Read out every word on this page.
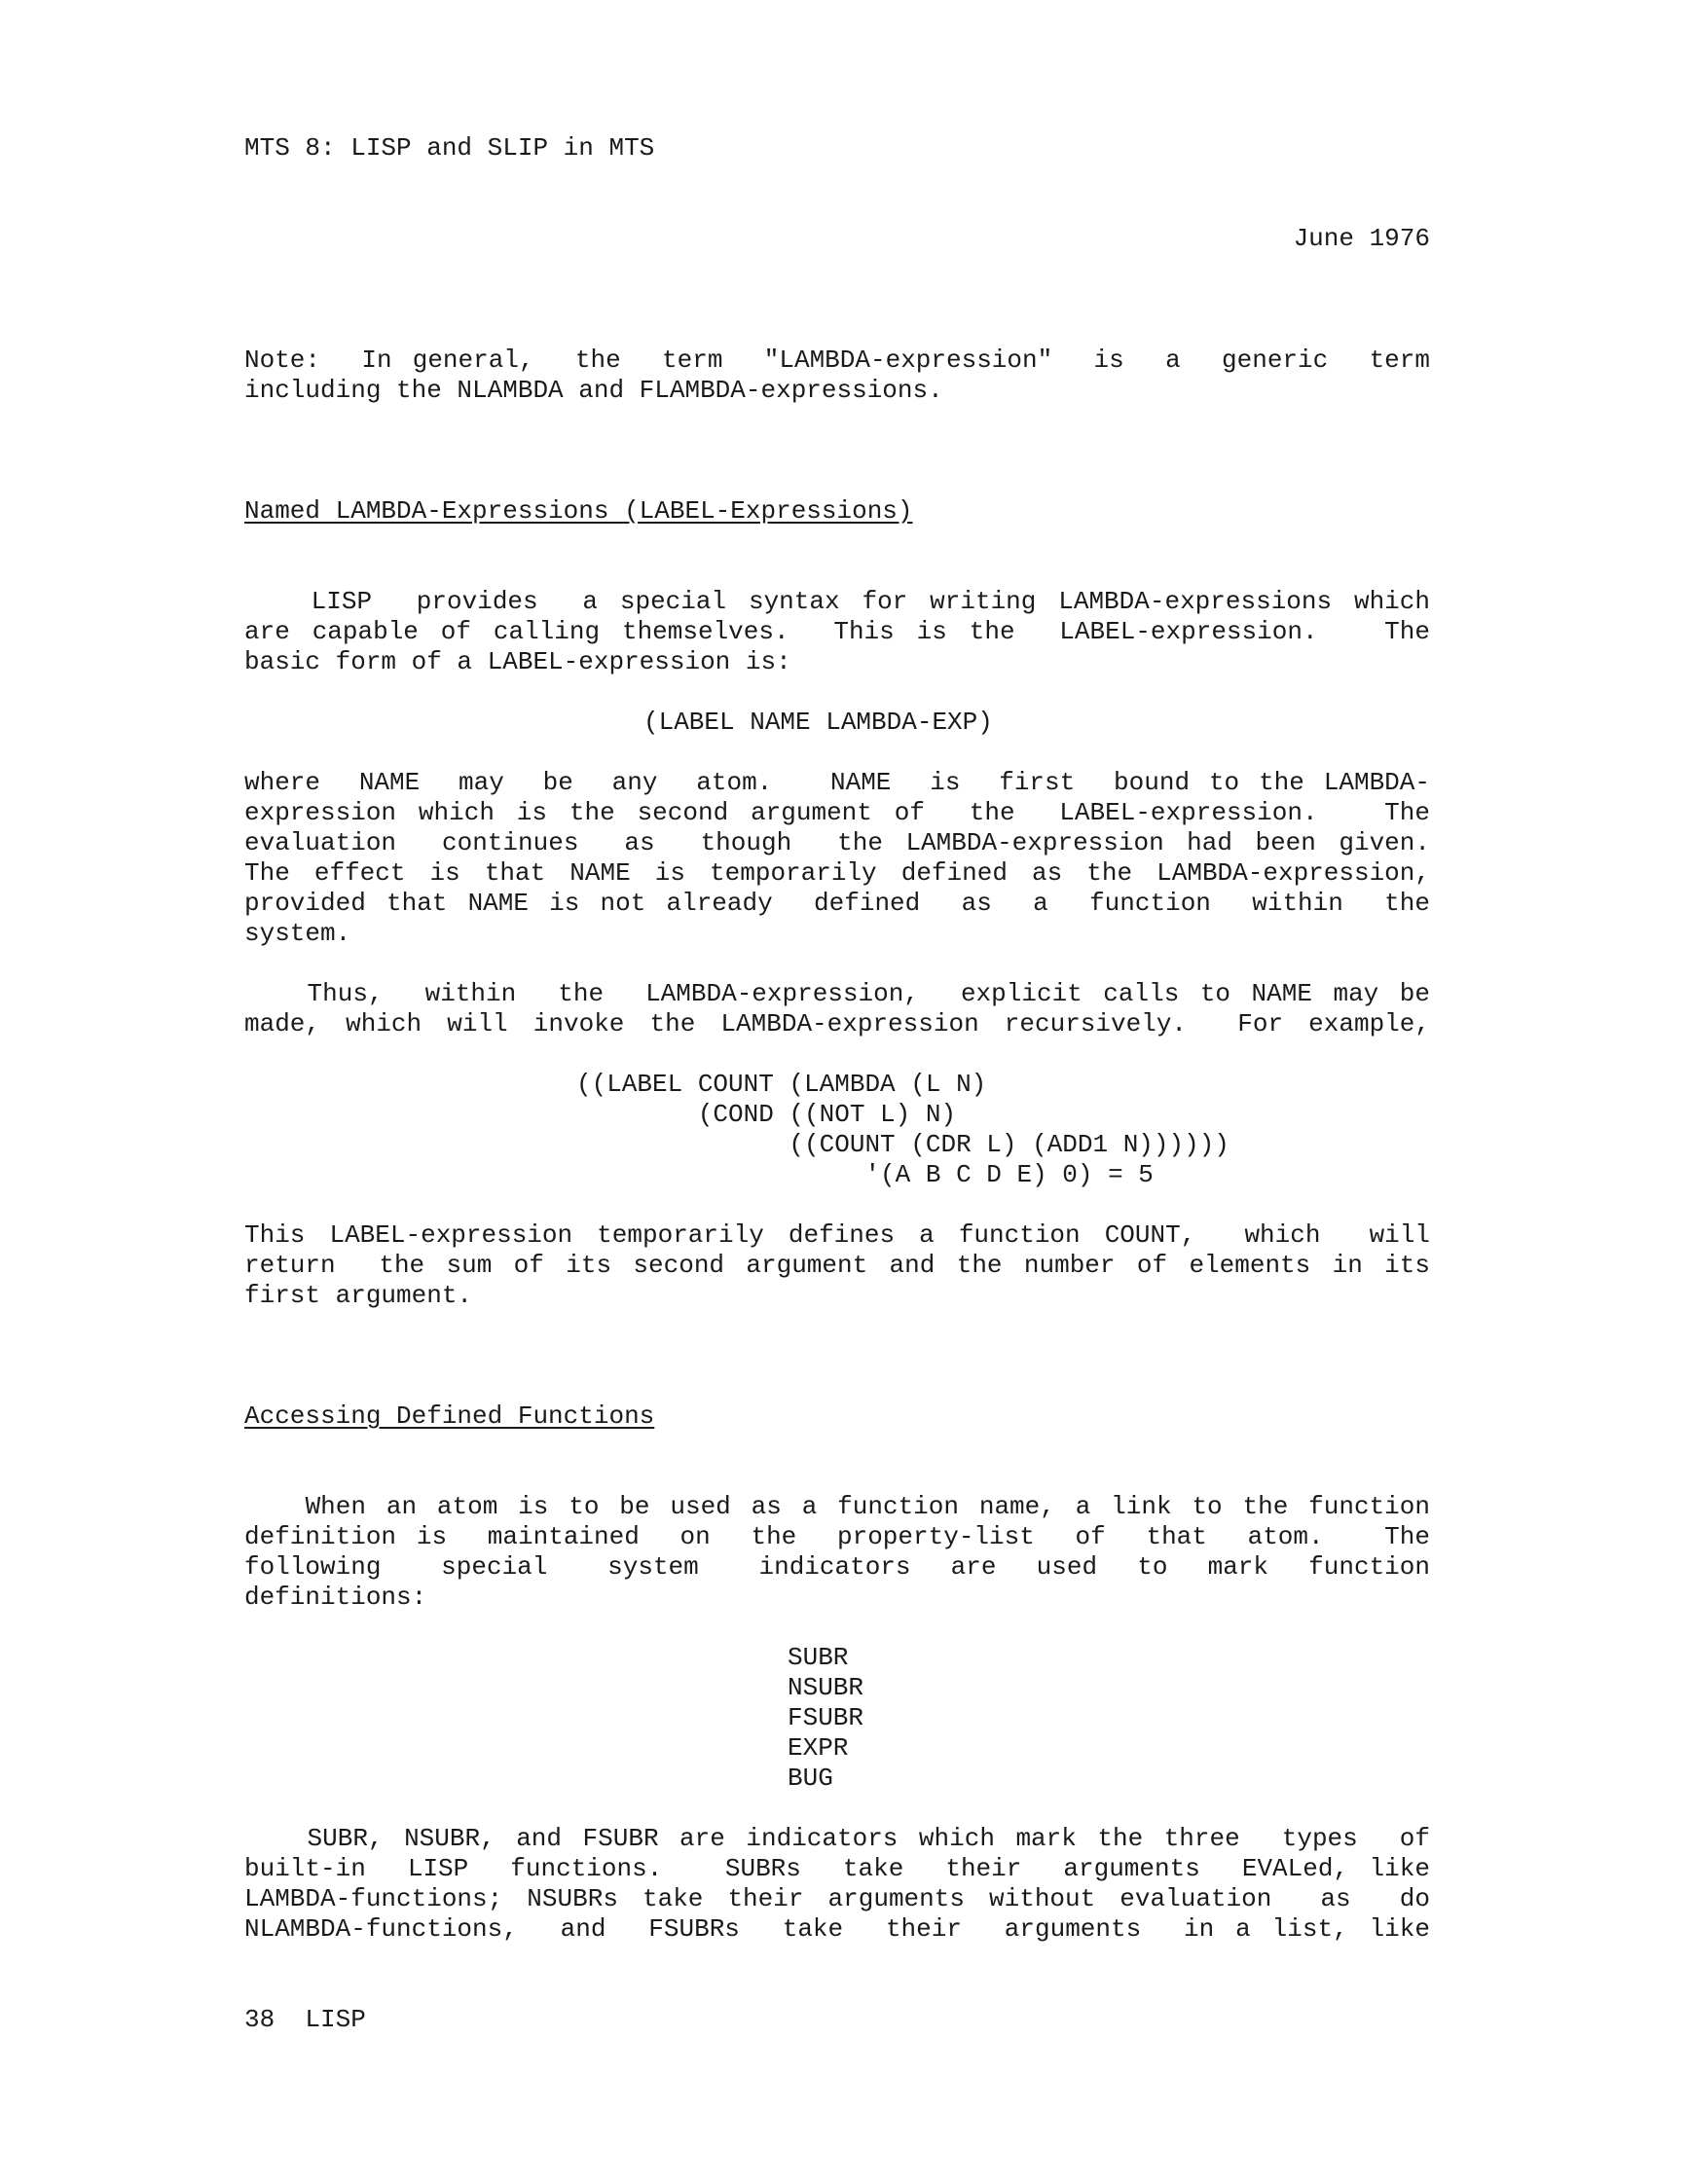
MTS 8: LISP and SLIP in MTS
June 1976
Note:  In general,  the  term  "LAMBDA-expression"  is  a  generic  term
including the NLAMBDA and FLAMBDA-expressions.
Named LAMBDA-Expressions (LABEL-Expressions)
LISP  provides  a special syntax for writing LAMBDA-expressions which
are capable of calling themselves.  This is the  LABEL-expression.   The
basic form of a LABEL-expression is:
(LABEL NAME LAMBDA-EXP)
where  NAME  may  be  any  atom.   NAME  is  first  bound to the LAMBDA-
expression which is the second argument of  the  LABEL-expression.   The
evaluation  continues  as  though  the LAMBDA-expression had been given.
The effect is that NAME is temporarily defined as the LAMBDA-expression,
provided that NAME is not already  defined  as  a  function  within  the
system.
Thus,  within  the  LAMBDA-expression,  explicit calls to NAME may be
made, which will invoke the LAMBDA-expression recursively.  For example,
((LABEL COUNT (LAMBDA (L N)
(COND ((NOT L) N)
((COUNT (CDR L) (ADD1 N))))))
'(A B C D E) 0) = 5
This LABEL-expression temporarily defines a function COUNT,  which  will
return  the sum of its second argument and the number of elements in its
first argument.
Accessing Defined Functions
When an atom is to be used as a function name, a link to the function
definition is  maintained  on  the  property-list  of  that  atom.   The
following   special   system   indicators  are  used  to  mark  function
definitions:
SUBR
NSUBR
FSUBR
EXPR
BUG
SUBR, NSUBR, and FSUBR are indicators which mark the three  types  of
built-in  LISP  functions.   SUBRs  take  their  arguments  EVALed, like
LAMBDA-functions; NSUBRs take their arguments without evaluation  as  do
NLAMBDA-functions,  and  FSUBRs  take  their  arguments  in a list, like
38  LISP
